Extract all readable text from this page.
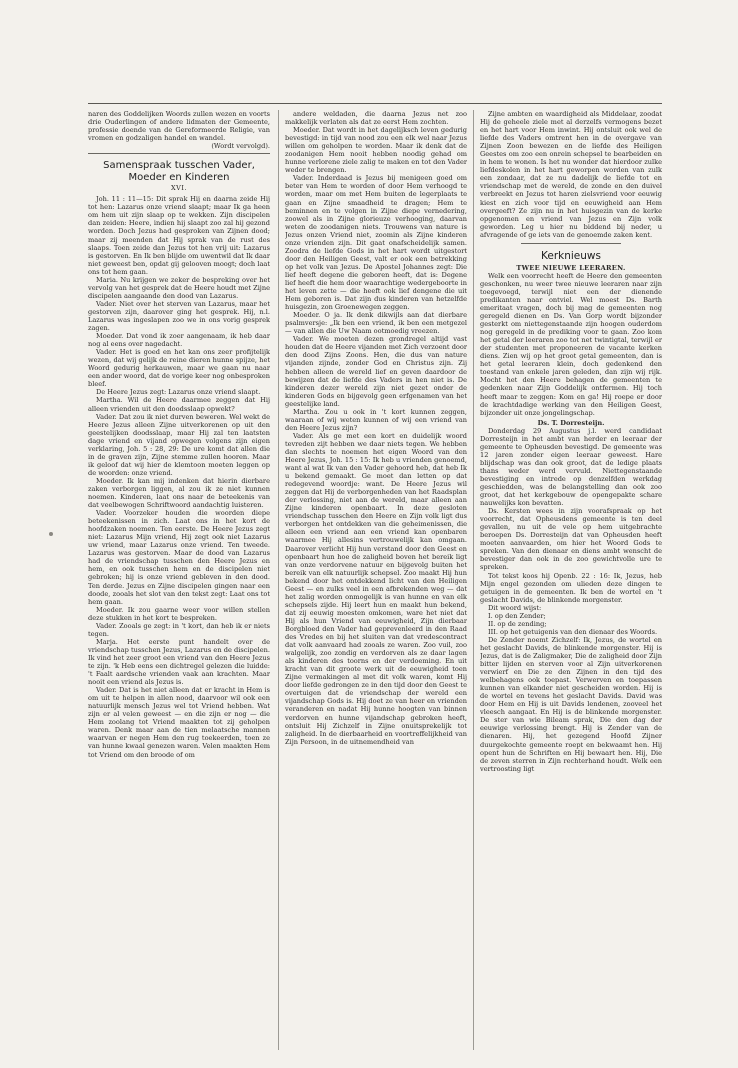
naren des Goddelijken Woords zullen wezen en voorts drie Ouderlingen of andere lidmaten der Gemeente, professie doende van de Gereformeerde Religie, van vromen en godzaligen handel en wandel.

(Wordt vervolgd).

Samenspraak tusschen Vader,
Moeder en Kinderen
XVI.

Joh. 11 : 11—15: Dit sprak Hij en daarna zeide Hij tot hen: Lazarus onze vriend slaapt; maar Ik ga heen om hem uit zijn slaap op te wekken. Zijn discipelen dan zeiden: Heere, indien hij slaapt zoo zal hij gezond worden. Doch Jezus had gesproken van Zijnen dood; maar zij meenden dat Hij sprak van de rust des slaaps. Toen zeide dan Jezus tot hen vrij uit: Lazarus is gestorven. En Ik ben blijde om uwentwil dat Ik daar niet geweest ben, opdat gij gelooven moogt; doch laat ons tot hem gaan.

Maria. Nu krijgen we zeker de bespreking over het vervolg van het gesprek dat de Heere houdt met Zijne discipelen aangaande den dood van Lazarus.

Vader. Niet over het sterven van Lazarus, maar het gestorven zijn, daarover ging het gesprek. Hij, n.l. Lazarus was ingeslapen zoo we in ons vorig gesprek zagen.

Moeder. Dat vond ik zoer aangenaam, ik heb daar nog al eens over nagedacht.

Vader. Het is goed en het kan ons zeer profijtelijk wezen, dat wij gelijk de reine dieren hunne spijze, het Woord gedurig herkauwen, maar we gaan nu naar een ander woord, dat de vorige keer nog onbesproken bleef.

De Heere Jezus zegt: Lazarus onze vriend slaapt.

Martha. Wil de Heere daarmee zeggen dat Hij alleen vrienden uit den doodsslaap opwekt?

Vader. Dat zou ik niet durven beweren. Wel wekt de Heere Jezus alleen Zijne uitverkorenen op uit den geestelijken doodsslaap, maar Hij zal ten laatsten dage vriend en vijand opwegen volgens zijn eigen verklaring, Joh. 5 : 28, 29: De ure komt dat allen die in de graven zijn, Zijne stemme zullen hooren. Maar ik geloof dat wij hier de klemtoon moeten leggen op de woorden: onze vriend.

Moeder. Ik kan mij indenken dat hierin dierbare zaken verborgen liggen, al zou ik ze niet kunnen noemen. Kinderen, laat ons naar de beteekenis van dat veelbewogen Schriftwoord aandachtig luisteren.

Vader. Voorzeker houden die woorden diepe beteekenissen in zich. Laat ons in het kort de hoofdzaken noemen. Ten eerste. De Heere Jezus zegt niet: Lazarus Mijn vriend, Hij zegt ook niet Lazarus uw vriend, maar Lazarus onze vriend. Ten tweede. Lazarus was gestorven. Maar de dood van Lazarus had de vriendschap tusschen den Heere Jezus en hem, en ook tusschen hem en de discipelen niet gebroken; hij is onze vriend gebleven in den dood. Ten derde. Jezus en Zijne discipelen gingen naar een doode, zooals het slot van den tekst zegt: Laat ons tot hem gaan.

Moeder. Ik zou gaarne weer voor willen stellen deze stukken in het kort te bespreken.

Vader. Zooals ge zegt: in 't kort, dan heb ik er niets tegen.

Marja. Het eerste punt handelt over de vriendschap tusschen Jezus, Lazarus en de discipelen. Ik vind het zeer groot een vriend van den Heere Jezus te zijn. 'k Heb eens een dichtregel gelezen die luidde: 't Faalt aardsche vrienden vaak aan krachten. Maar nooit een vriend als Jezus is.

Vader. Dat is het niet alleen dat er kracht in Hem is om uit te helpen in allen nood, daarvoor wil ook een natuurlijk mensch Jezus wel tot Vriend hebben. Wat zijn er al velen geweest — en die zijn er nog — die Hem zoolang tot Vriend maakten tot zij geholpen waren. Denk maar aan de tien melaatsche mannen waarvan er negen Hem den rug toekeerden, toen ze van hunne kwaal genezen waren. Velen maakten Hem tot Vriend om den broode of om

andere weldaden, die daarna Jezus net zoo makkelijk verlaten als dat ze eerst Hem zochten.

Moeder. Dat wordt in het dagelijksch leven gedurig bevestigd: in tijd van nood zou een elk wel naar Jezus willen om geholpen te worden. Maar ik denk dat de zoodanigen Hem nooit hebben noodig gehad om hunne verlorene ziele zalig te maken en tot den Vader weder te brengen.

Vader. Inderdaad is Jezus bij menigeen goed om beter van Hem te worden of door Hem verhoogd te worden, maar om met Hem buiten de legerplaats te gaan en Zijne smaadheid te dragen; Hem te beminnen en te volgen in Zijne diepe vernedering, zoowel als in Zijne glorieuze verhooging, daarvan weten de zoodanigen niets. Trouwens van nature is Jezus onzen Vriend niet, zoomin als Zijne kinderen onze vrienden zijn. Dit gaat onafscheidelijk samen. Zoodra de liefde Gods in het hart wordt uitgestort door den Heiligen Geest, valt er ook een betrekking op het volk van Jezus. De Apostel Johannes zegt: Die lief heeft degene die geboren heeft, dat is: Degene lief heeft die hem door waarachtige wedergeboorte in het leven zette — die heeft ook lief dengene die uit Hem geboren is. Dat zijn dus kinderen van hetzelfde huisgezin, zon Groenewegen zeggen.

Moeder. O ja. Ik denk dikwijls aan dat dierbare psalmversje: „Ik ben een vriend, ik ben een metgezel — van allen die Uw Naam ootmoedig vreezen.

Vader. We moeten dezen grondregel altijd vast houden dat de Heere vijanden met Zich verzoent door den dood Zijns Zoons. Hen, die dus van nature vijanden zijnde, zonder God en Christus zijn. Zij hebben alleen de wereld lief en geven daardoor de bewijzen dat de liefde des Vaders in hen niet is. De kinderen dezer wereld zijn niet gezet onder de kinderen Gods en bijgevolg geen erfgenamen van het geestelijke land.

Martha. Zou u ook in 't kort kunnen zeggen, waaraan of wij weten kunnen of wij een vriend van den Heere Jezus zijn?

Vader. Als ge met een kort en duidelijk woord tevreden zijt hebben we daar niets tegen. We hebben dan slechts te noemen het eigen Woord van den Heere Jezus, Joh. 15 : 15: Ik heb u vrienden genoemd, want al wat Ik van den Vader gehoord heb, dat heb Ik u bekend gemaakt. Ge moet dan letten op dat redegevend woordje: want. De Heere Jezus wil zeggen dat Hij de verborgenheden van het Raadsplan der verlossing, niet aan de wereld, maar alleen aan Zijne kinderen openbaart. In deze gesloten vriendschap tusschen den Heere en Zijn volk ligt dus verborgen het ontdekken van die geheimenissen, die alleen een vriend aan een vriend kan openbaren waarmee Hij allesins vertrouwelijk kan omgaan. Daarover verlicht Hij hun verstand door den Geest en openbaart hun hoe de zaligheid boven het bereik ligt van onze verdorvene natuur en bijgevolg buiten het bereik van elk natuurlijk schepsel. Zoo maakt Hij hun bekend door het ontdekkend licht van den Heiligen Geest — en zulks veel in een afbrekenden weg — dat het zalig worden onmogelijk is van hunne en van elk schepsels zijde. Hij leert hun en maakt hun bekend, dat zij eeuwig moesten omkomen, ware het niet dat Hij als hun Vriend van eeuwigheid, Zijn dierbaar Borgbloed den Vader had geprevenleerd in den Raad des Vredes en bij het sluiten van dat vredescontract dat volk aanvaard had zooals ze waren. Zoo vuil, zoo walgelijk, zoo zondig en verdorven als ze daar lagen als kinderen des toorns en der verdoeming. En uit kracht van dit groote werk uit de eeuwigheid toen Zijne vermakingen al met dit volk waren, komt Hij door liefde gedrongen ze in den tijd door den Geest te overtuigen dat de vriendschap der wereld een vijandschap Gods is. Hij doet ze van heer en vrienden veranderen en nadat Hij hunne hoogten van binnen verdorven en hunne vijandschap gebroken heeft, ontsluit Hij Zichzelf in Zijne onuitsprekelijk tot zaligheid. In de dierbaarheid en voortreffelijkheid van Zijn Persoon, in de uitnemendheid van

Zijne ambten en waardigheid als Middelaar, zoodat Hij de geheele ziele met al derzelfs vermogens bezet en het hart voor Hem inwint. Hij ontsluit ook wel de liefde des Vaders omtrent hen in de overgave van Zijnen Zoon bewezen en de liefde des Heiligen Geestes om zoo een onrein schepsel te bearbeiden en in hem te wonen. Is het nu wonder dat hierdoor zulke liefdeskolen in het hart geworpen worden van zulk een zondaar, dat ze nu dadelijk de liefde tot en vriendschap met de wereld, de zonde en den duivel verbreekt en Jezus tot haren zielsvriend voor eeuwig kiest en zich voor tijd en eeuwigheid aan Hem overgeeft? Ze zijn nu in het huisgezin van de kerke opgenomen en vriend van Jezus en Zijn volk geworden. Leg u hier nu biddend bij neder, u afvragende of ge iets van de genoemde zaken kent.

Kerknieuws

TWEE NIEUWE LEERAREN.

Welk een voorrecht heeft de Heere den gemeenten geschonken, nu weer twee nieuwe leeraren naar zijn toegevoegd, terwijl niet een der dienende predikanten naar ontviel. Wel moest Ds. Barth emeritaat vragen, doch bij mag de gemeenten nog geregeld dienen en Ds. Van Gorp wordt bijzonder gesterkt om niettegenstaande zijn hoogen ouderdom nog geregeld in de prediking voor te gaan. Zoo kom het getal der leeraren zoo tot net twintigtal, terwijl er der studenten met proponeeren de vacante kerken diens. Zien wij op het groot getal gemeenten, dan is het getal leeraren klein, doch gedenkend den toestand van enkele jaren geleden, dan zijn wij rijk. Mocht het den Heere behagen de gemeenten te gedenken naar Zijn Goddelijk ontfermen. Hij toch heeft maar te zeggen: Kom en ga! Hij roepe er door de krachtdadige werking van den Heiligen Geest, bijzonder uit onze jongelingschap.

Ds. T. Dorresteijn.

Donderdag 29 Augustus j.l. werd candidaat Dorresteijn in het ambt van herder en leeraar der gemeente te Opheusden bevestigd. De gemeente was 12 jaren zonder eigen leeraar geweest. Hare blijdschap was dan ook groot, dat de ledige plaats thans weder werd vervuld. Niettegenstaande bevestiging en intrede op denzelfden werkdag geschiedden, was de belangstelling dan ook zoo groot, dat het kerkgebouw de opengepakte schare nauwelijks kon bevatten.

Ds. Kersten wees in zijn voorafspraak op het voorrecht, dat Opheusdens gemeente is ten deel gevallen, nu uit de vele op hem uitgebrachte beroepen Ds. Dorresteijn dat van Opheusden heeft moeten aanvaarden, om hier het Woord Gods te spreken. Van den dienaar en diens ambt wenscht de bevestiger dan ook in de zoo gewichtvolle ure te spreken.

Tot tekst koos hij Openb. 22 : 16: Ik, Jezus, heb Mijn engel gezonden om ulieden deze dingen te getuigen in de gemeenten. Ik ben de wortel en 't geslacht Davids, de blinkende morgenster.

Dit woord wijst:

I. op den Zender;

II. op de zending;

III. op het getuigenis van den dienaar des Woords.

De Zender noemt Zichzelf: Ik, Jezus, de wortel en het geslacht Davids, de blinkende morgenster. Hij is Jezus, dat is de Zaligmaker, Die de zaligheid door Zijn bitter lijden en sterven voor al Zijn uitverkorenen verwierf en Die ze den Zijnen in den tijd des welbehagens ook toepast. Verwerven en toepassen kunnen van elkander niet gescheiden worden. Hij is de wortel en tevens het geslacht Davids. David was door Hem en Hij is uit Davids lendenen, zooveel het vleesch aangaat. En Hij is de blinkende morgenster. De ster van wie Bileam sprak, Die den dag der eeuwige verlossing brengt. Hij is Zender van de dienaren. Hij, het gezegend Hoofd Zijner duurgekochte gemeente roept en bekwaamt hen. Hij opent hun de Schriften en Hij bewaart hen. Hij, Die de zeven sterren in Zijn rechterhand houdt. Welk een vertroosting ligt
